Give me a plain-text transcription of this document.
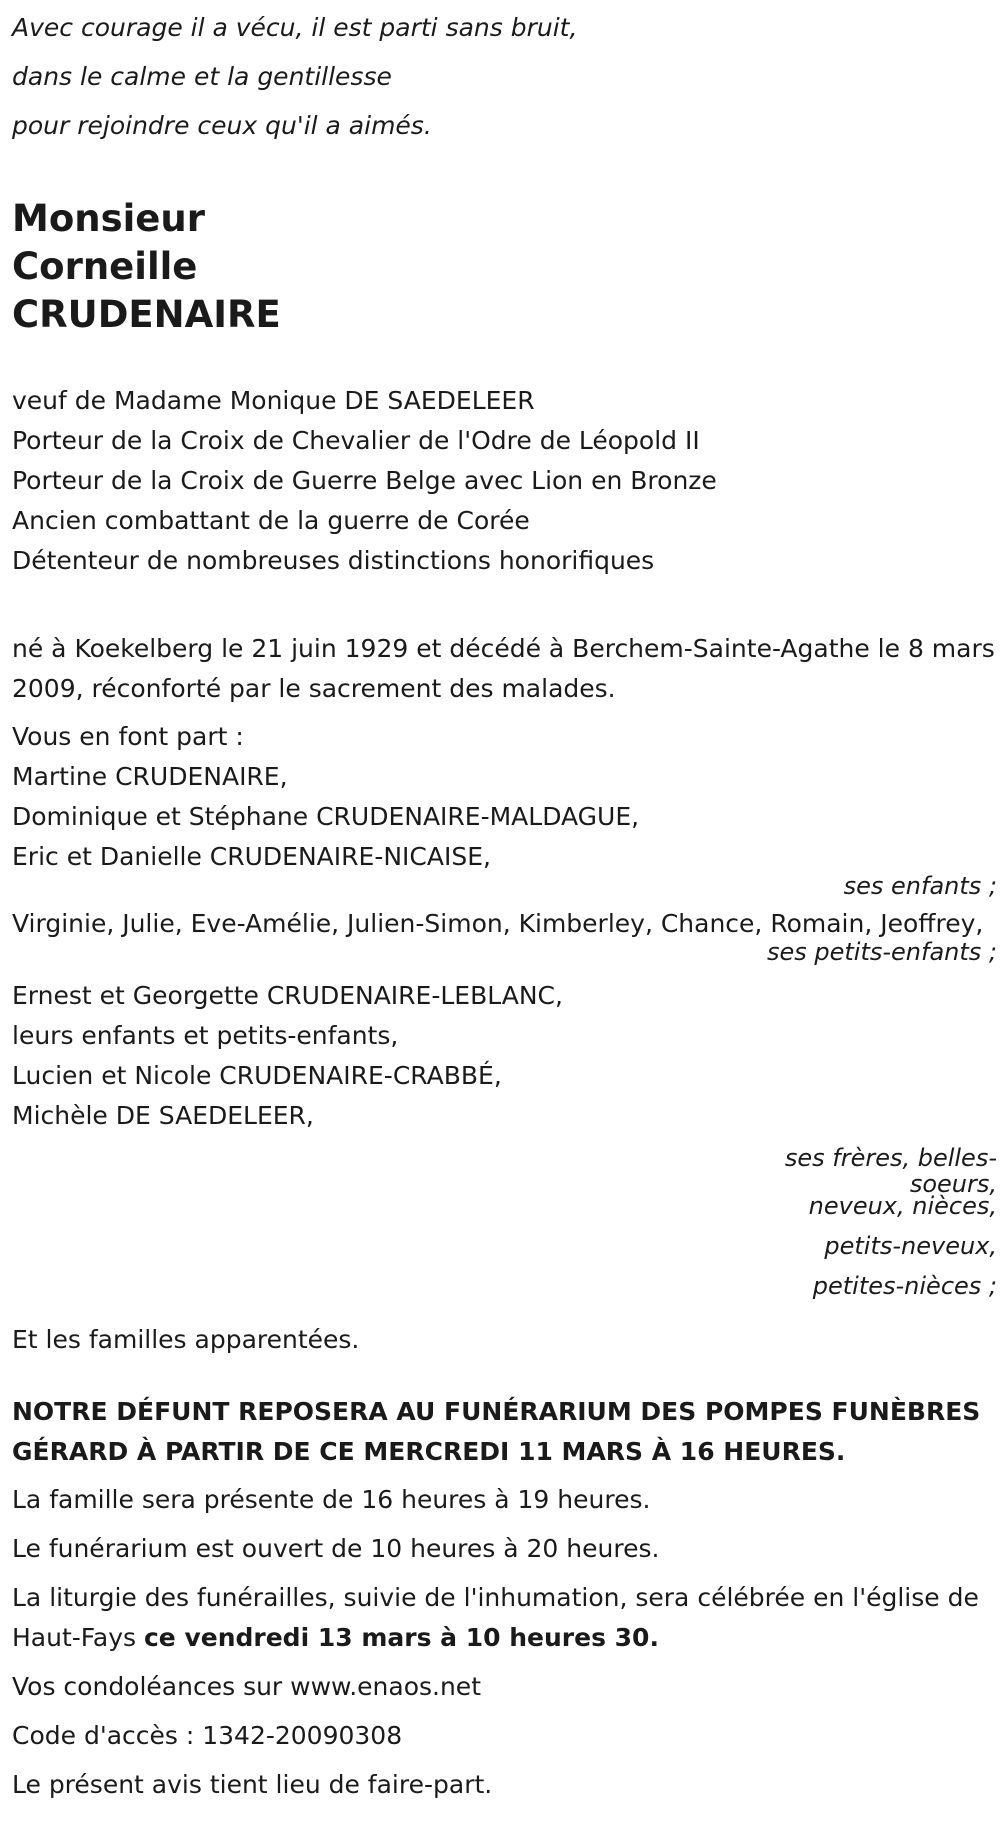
Avec courage il a vécu, il est parti sans bruit,
dans le calme et la gentillesse
pour rejoindre ceux qu'il a aimés.
Monsieur
Corneille
CRUDENAIRE
veuf de Madame Monique DE SAEDELEER
Porteur de la Croix de Chevalier de l'Odre de Léopold II
Porteur de la Croix de Guerre Belge avec Lion en Bronze
Ancien combattant de la guerre de Corée
Détenteur de nombreuses distinctions honorifiques
né à Koekelberg le 21 juin 1929 et décédé à Berchem-Sainte-Agathe le 8 mars 2009, réconforté par le sacrement des malades.
Vous en font part :
Martine CRUDENAIRE,
Dominique et Stéphane CRUDENAIRE-MALDAGUE,
Eric et Danielle CRUDENAIRE-NICAISE,
ses enfants ;
Virginie, Julie, Eve-Amélie, Julien-Simon, Kimberley, Chance, Romain, Jeoffrey,
ses petits-enfants ;
Ernest et Georgette CRUDENAIRE-LEBLANC,
leurs enfants et petits-enfants,
Lucien et Nicole CRUDENAIRE-CRABBÉ,
Michèle DE SAEDELEER,
ses frères, belles-
soeurs,
neveux, nièces,
petits-neveux,
petites-nièces ;
Et les familles apparentées.
NOTRE DÉFUNT REPOSERA AU FUNÉRARIUM DES POMPES FUNÈBRES GÉRARD À PARTIR DE CE MERCREDI 11 MARS À 16 HEURES.

La famille sera présente de 16 heures à 19 heures.

Le funérarium est ouvert de 10 heures à 20 heures.

La liturgie des funérailles, suivie de l'inhumation, sera célébrée en l'église de Haut-Fays ce vendredi 13 mars à 10 heures 30.

Vos condoléances sur www.enaos.net

Code d'accès : 1342-20090308

Le présent avis tient lieu de faire-part.
